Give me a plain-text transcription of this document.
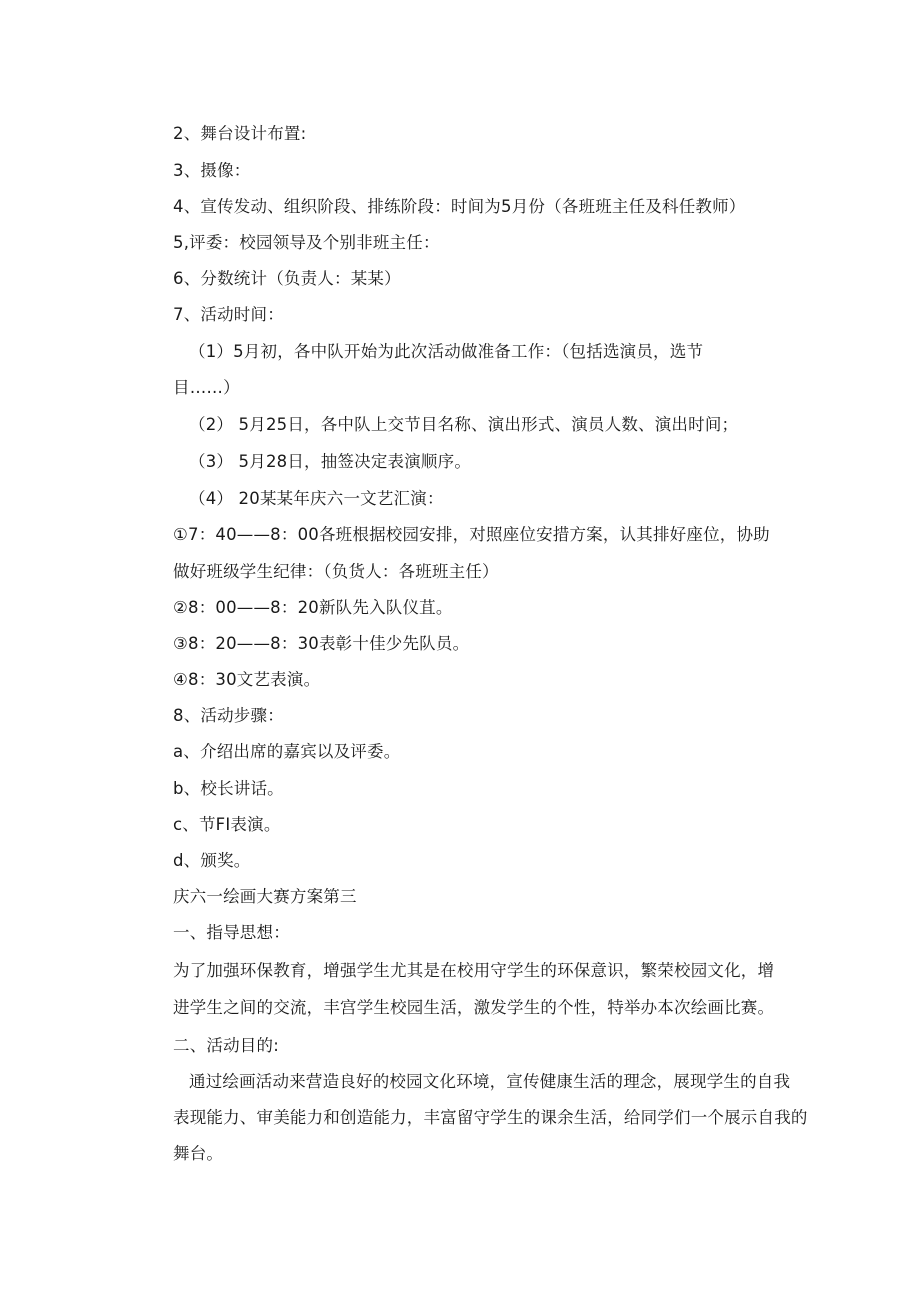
2、舞台设计布置:
3、摄像：
4、宣传发动、组织阶段、排练阶段：时间为5月份（各班班主任及科任教师）
5,评委：校园领导及个别非班主任：
6、分数统计（负责人：某某）
7、活动时间：
（1）5月初，各中队开始为此次活动做准备工作：（包括选演员，选节
目……）
（2） 5月25日，各中队上交节目名称、演出形式、演员人数、演出时间；
（3） 5月28日，抽签决定表演顺序。
（4） 20某某年庆六一文艺汇演：
①7：40——8：00各班根据校园安排，对照座位安措方案，认其排好座位，协助
做好班级学生纪律：（负货人：各班班主任）
②8：00——8：20新队先入队仪苴。
③8：20——8：30表彰十佳少先队员。
④8：30文艺表演。
8、活动步骤：
a、介绍出席的嘉宾以及评委。
b、校长讲话。
c、节FI表演。
d、颁奖。
庆六一绘画大赛方案第三
一、指导思想：
为了加强环保教育，增强学生尤其是在校用守学生的环保意识，繁荣校园文化，增
进学生之间的交流，丰宫学生校园生活，激发学生的个性，特举办本次绘画比赛。
二、活动目的:
通过绘画活动来营造良好的校园文化环境，宣传健康生活的理念，展现学生的自我
表现能力、审美能力和创造能力，丰富留守学生的课余生活，给同学们一个展示自我的
舞台。
